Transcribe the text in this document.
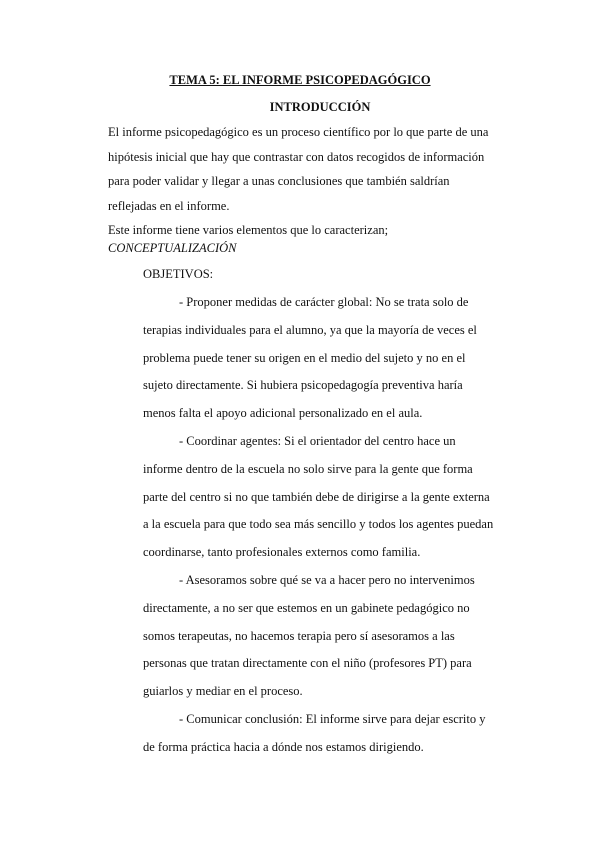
TEMA 5: EL INFORME PSICOPEDAGÓGICO
INTRODUCCIÓN

El informe psicopedagógico es un proceso científico por lo que parte de una hipótesis inicial que hay que contrastar con datos recogidos de información para poder validar y llegar a unas conclusiones que también saldrían reflejadas en el informe.

Este informe tiene varios elementos que lo caracterizan;

CONCEPTUALIZACIÓN
OBJETIVOS:

- Proponer medidas de carácter global: No se trata solo de terapias individuales para el alumno, ya que la mayoría de veces el problema puede tener su origen en el medio del sujeto y no en el sujeto directamente. Si hubiera psicopedagogía preventiva haría menos falta el apoyo adicional personalizado en el aula.

- Coordinar agentes: Si el orientador del centro hace un informe dentro de la escuela no solo sirve para la gente que forma parte del centro si no que también debe de dirigirse a la gente externa a la escuela para que todo sea más sencillo y todos los agentes puedan coordinarse, tanto profesionales externos como familia.

- Asesoramos sobre qué se va a hacer pero no intervenimos directamente, a no ser que estemos en un gabinete pedagógico no somos terapeutas, no hacemos terapia pero sí asesoramos a las personas que tratan directamente con el niño (profesores PT) para guiarlos y mediar en el proceso.

- Comunicar conclusión: El informe sirve para dejar escrito y de forma práctica hacia a dónde nos estamos dirigiendo.
